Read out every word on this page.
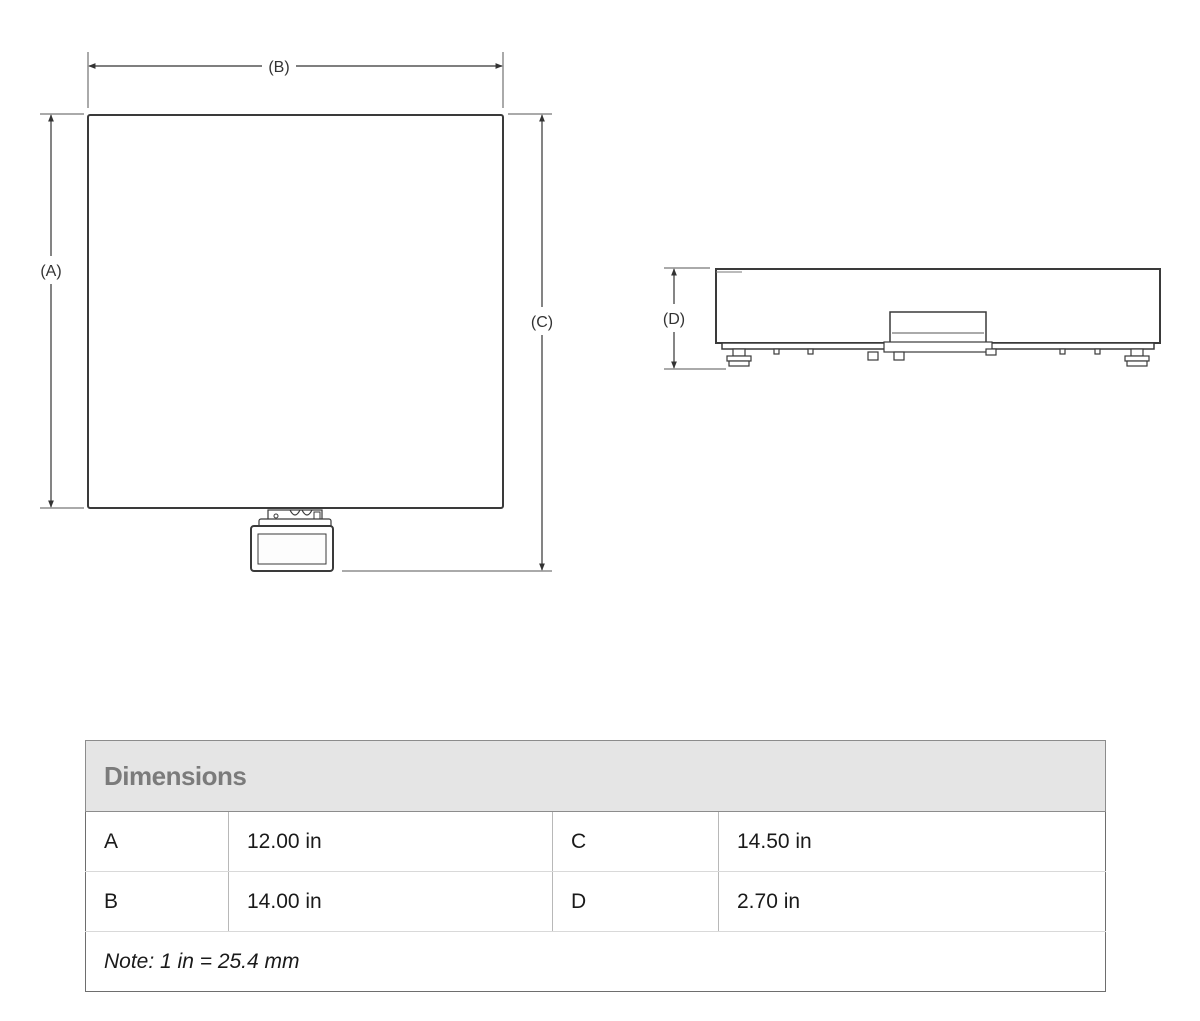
(B)
(A)
(C)	(D)
Dimensions			
A	12.00 in	C	14.50 in
B	14.00 in	D	2.70 in
Note: 1 in = 25.4 mm			
